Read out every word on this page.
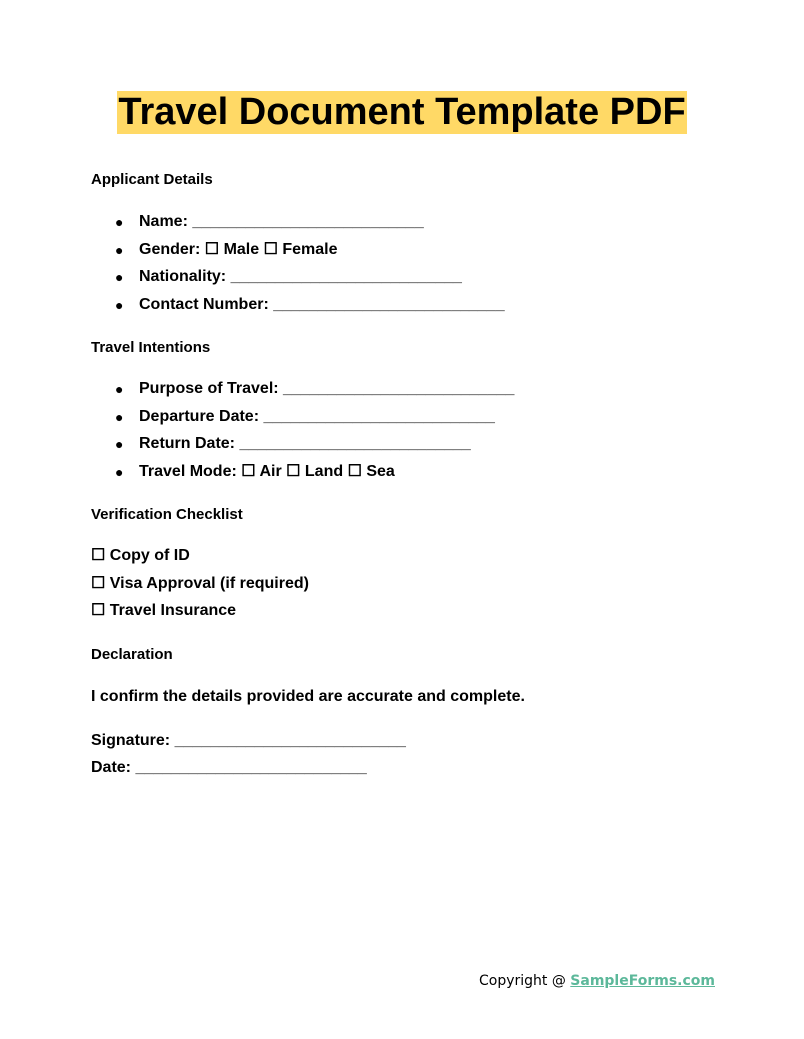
Travel Document Template PDF
Applicant Details
● Name: __________________________
● Gender: ☐ Male ☐ Female
● Nationality: __________________________
● Contact Number: __________________________
Travel Intentions
● Purpose of Travel: __________________________
● Departure Date: __________________________
● Return Date: __________________________
● Travel Mode: ☐ Air ☐ Land ☐ Sea
Verification Checklist
☐ Copy of ID
☐ Visa Approval (if required)
☐ Travel Insurance
Declaration
I confirm the details provided are accurate and complete.
Signature: __________________________
Date: __________________________
Copyright @ SampleForms.com
